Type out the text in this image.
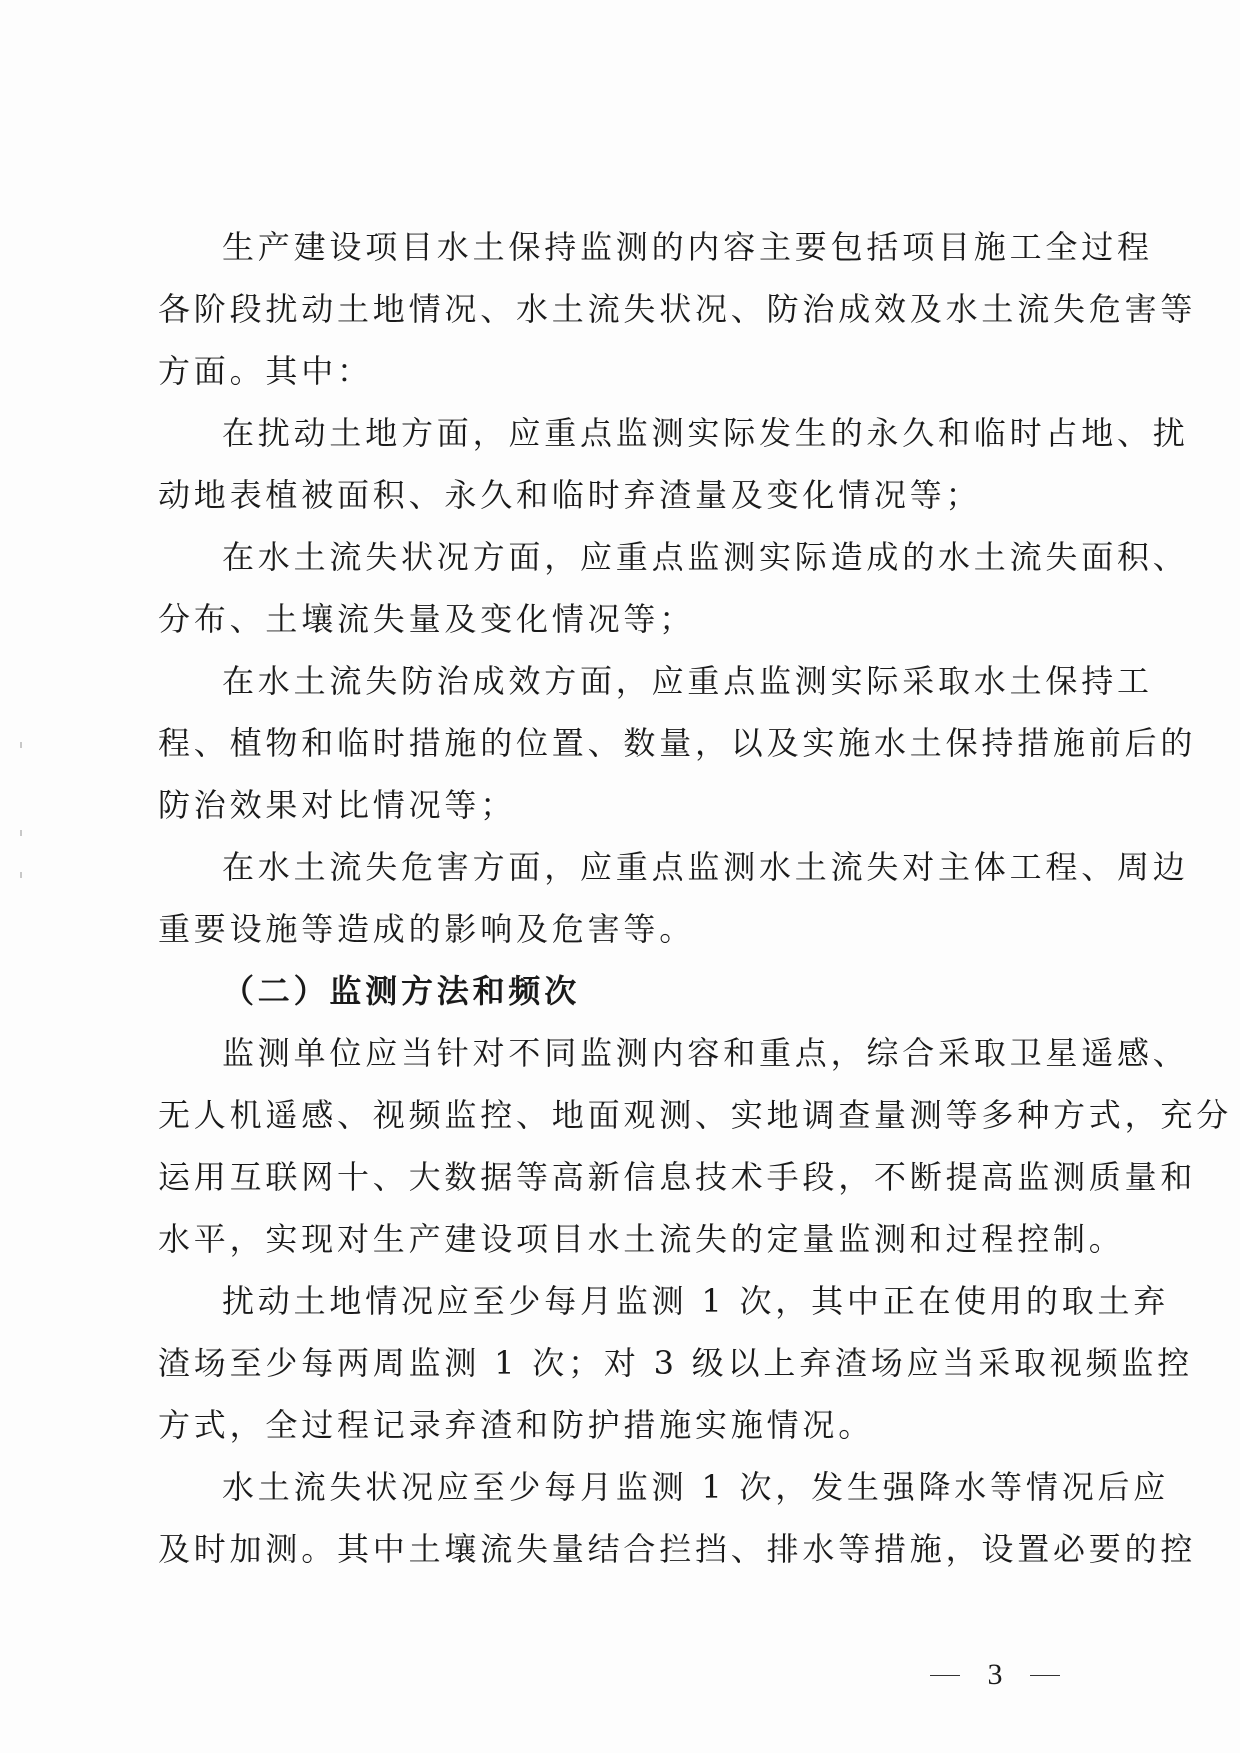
生产建设项目水土保持监测的内容主要包括项目施工全过程
各阶段扰动土地情况、水土流失状况、防治成效及水土流失危害等
方面。其中：
在扰动土地方面，应重点监测实际发生的永久和临时占地、扰
动地表植被面积、永久和临时弃渣量及变化情况等；
在水土流失状况方面，应重点监测实际造成的水土流失面积、
分布、土壤流失量及变化情况等；
在水土流失防治成效方面，应重点监测实际采取水土保持工
程、植物和临时措施的位置、数量，以及实施水土保持措施前后的
防治效果对比情况等；
在水土流失危害方面，应重点监测水土流失对主体工程、周边
重要设施等造成的影响及危害等。
（二）监测方法和频次
监测单位应当针对不同监测内容和重点，综合采取卫星遥感、
无人机遥感、视频监控、地面观测、实地调查量测等多种方式，充分
运用互联网十、大数据等高新信息技术手段，不断提高监测质量和
水平，实现对生产建设项目水土流失的定量监测和过程控制。
扰动土地情况应至少每月监测 1 次，其中正在使用的取土弃
渣场至少每两周监测 1 次；对 3 级以上弃渣场应当采取视频监控
方式，全过程记录弃渣和防护措施实施情况。
水土流失状况应至少每月监测 1 次，发生强降水等情况后应
及时加测。其中土壤流失量结合拦挡、排水等措施，设置必要的控
3
